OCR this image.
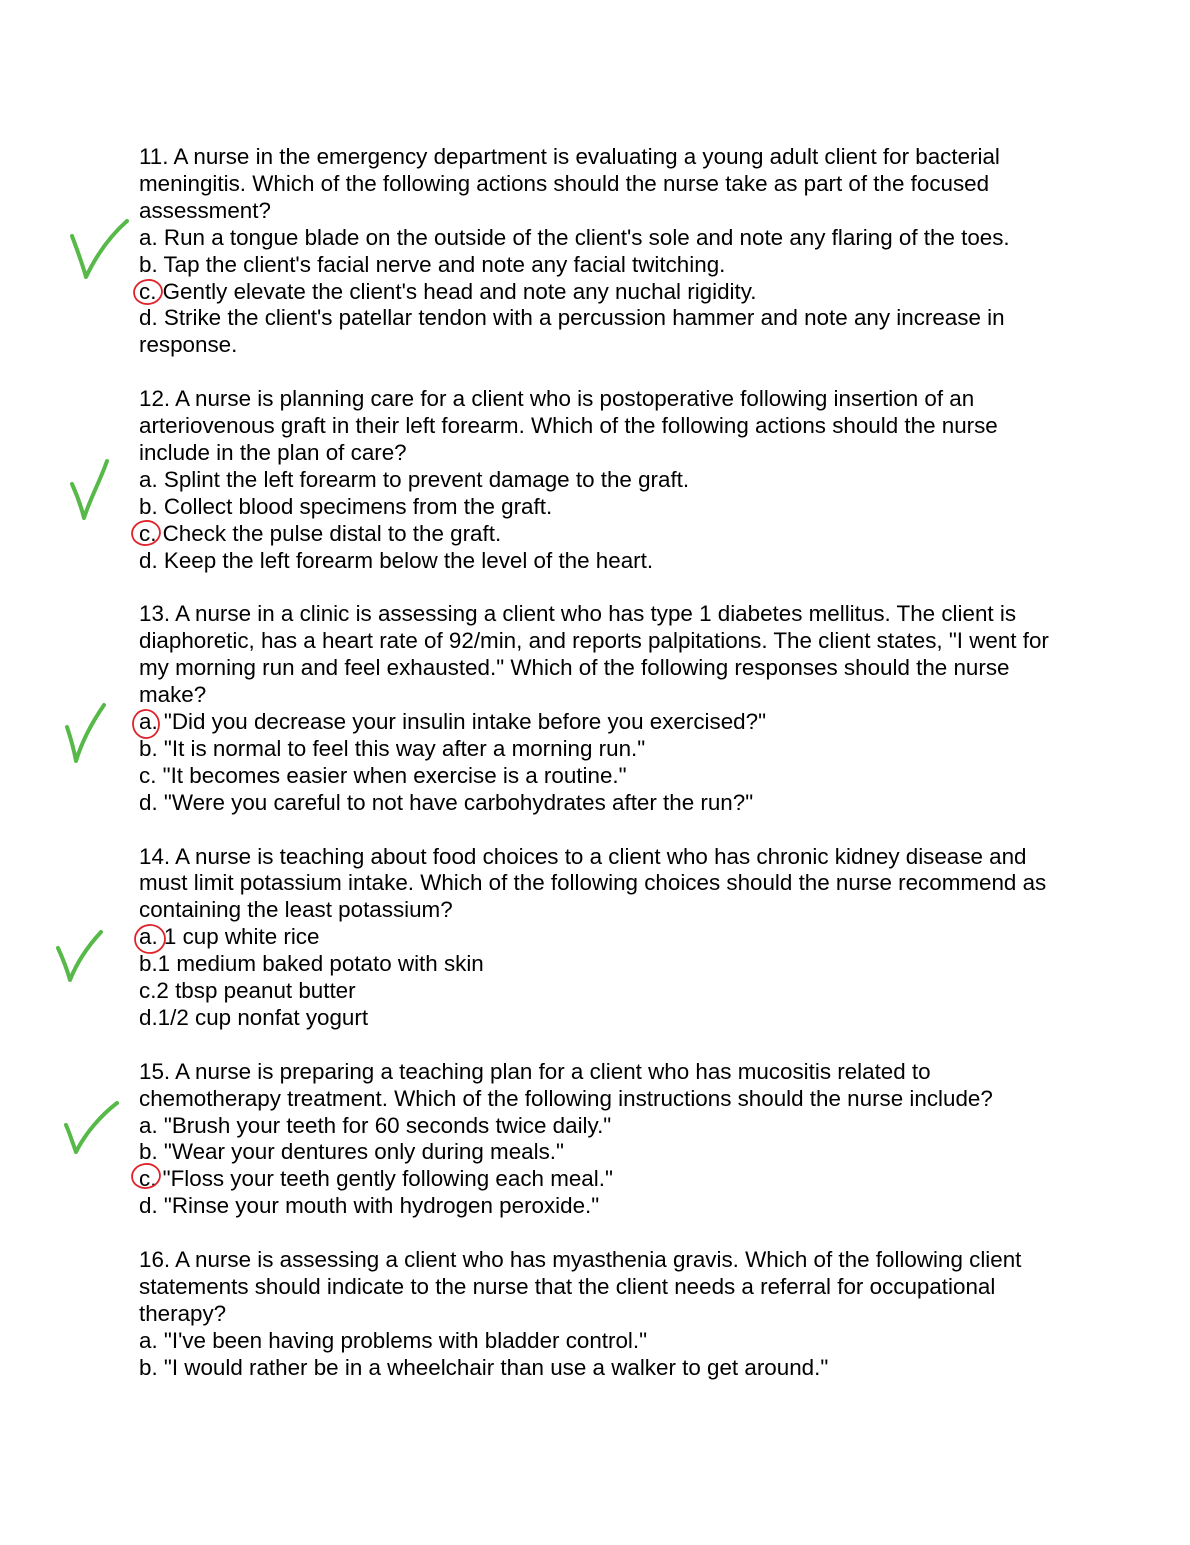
11. A nurse in the emergency department is evaluating a young adult client for bacterial meningitis. Which of the following actions should the nurse take as part of the focused assessment?

a. Run a tongue blade on the outside of the client's sole and note any flaring of the toes.

b. Tap the client's facial nerve and note any facial twitching.

c. Gently elevate the client's head and note any nuchal rigidity.

d. Strike the client's patellar tendon with a percussion hammer and note any increase in response.

12. A nurse is planning care for a client who is postoperative following insertion of an arteriovenous graft in their left forearm. Which of the following actions should the nurse include in the plan of care?

a. Splint the left forearm to prevent damage to the graft.

b. Collect blood specimens from the graft.

c. Check the pulse distal to the graft.

d. Keep the left forearm below the level of the heart.

13. A nurse in a clinic is assessing a client who has type 1 diabetes mellitus. The client is diaphoretic, has a heart rate of 92/min, and reports palpitations. The client states, "I went for my morning run and feel exhausted." Which of the following responses should the nurse make?

a. "Did you decrease your insulin intake before you exercised?"

b. "It is normal to feel this way after a morning run."

c. "It becomes easier when exercise is a routine."

d. "Were you careful to not have carbohydrates after the run?"

14. A nurse is teaching about food choices to a client who has chronic kidney disease and must limit potassium intake. Which of the following choices should the nurse recommend as containing the least potassium?

a. 1 cup white rice

b.1 medium baked potato with skin

c.2 tbsp peanut butter

d.1/2 cup nonfat yogurt

15. A nurse is preparing a teaching plan for a client who has mucositis related to chemotherapy treatment. Which of the following instructions should the nurse include?

a. "Brush your teeth for 60 seconds twice daily."

b. "Wear your dentures only during meals."

c. "Floss your teeth gently following each meal."

d. "Rinse your mouth with hydrogen peroxide."

16. A nurse is assessing a client who has myasthenia gravis. Which of the following client statements should indicate to the nurse that the client needs a referral for occupational therapy?

a. "I've been having problems with bladder control."

b. "I would rather be in a wheelchair than use a walker to get around."
